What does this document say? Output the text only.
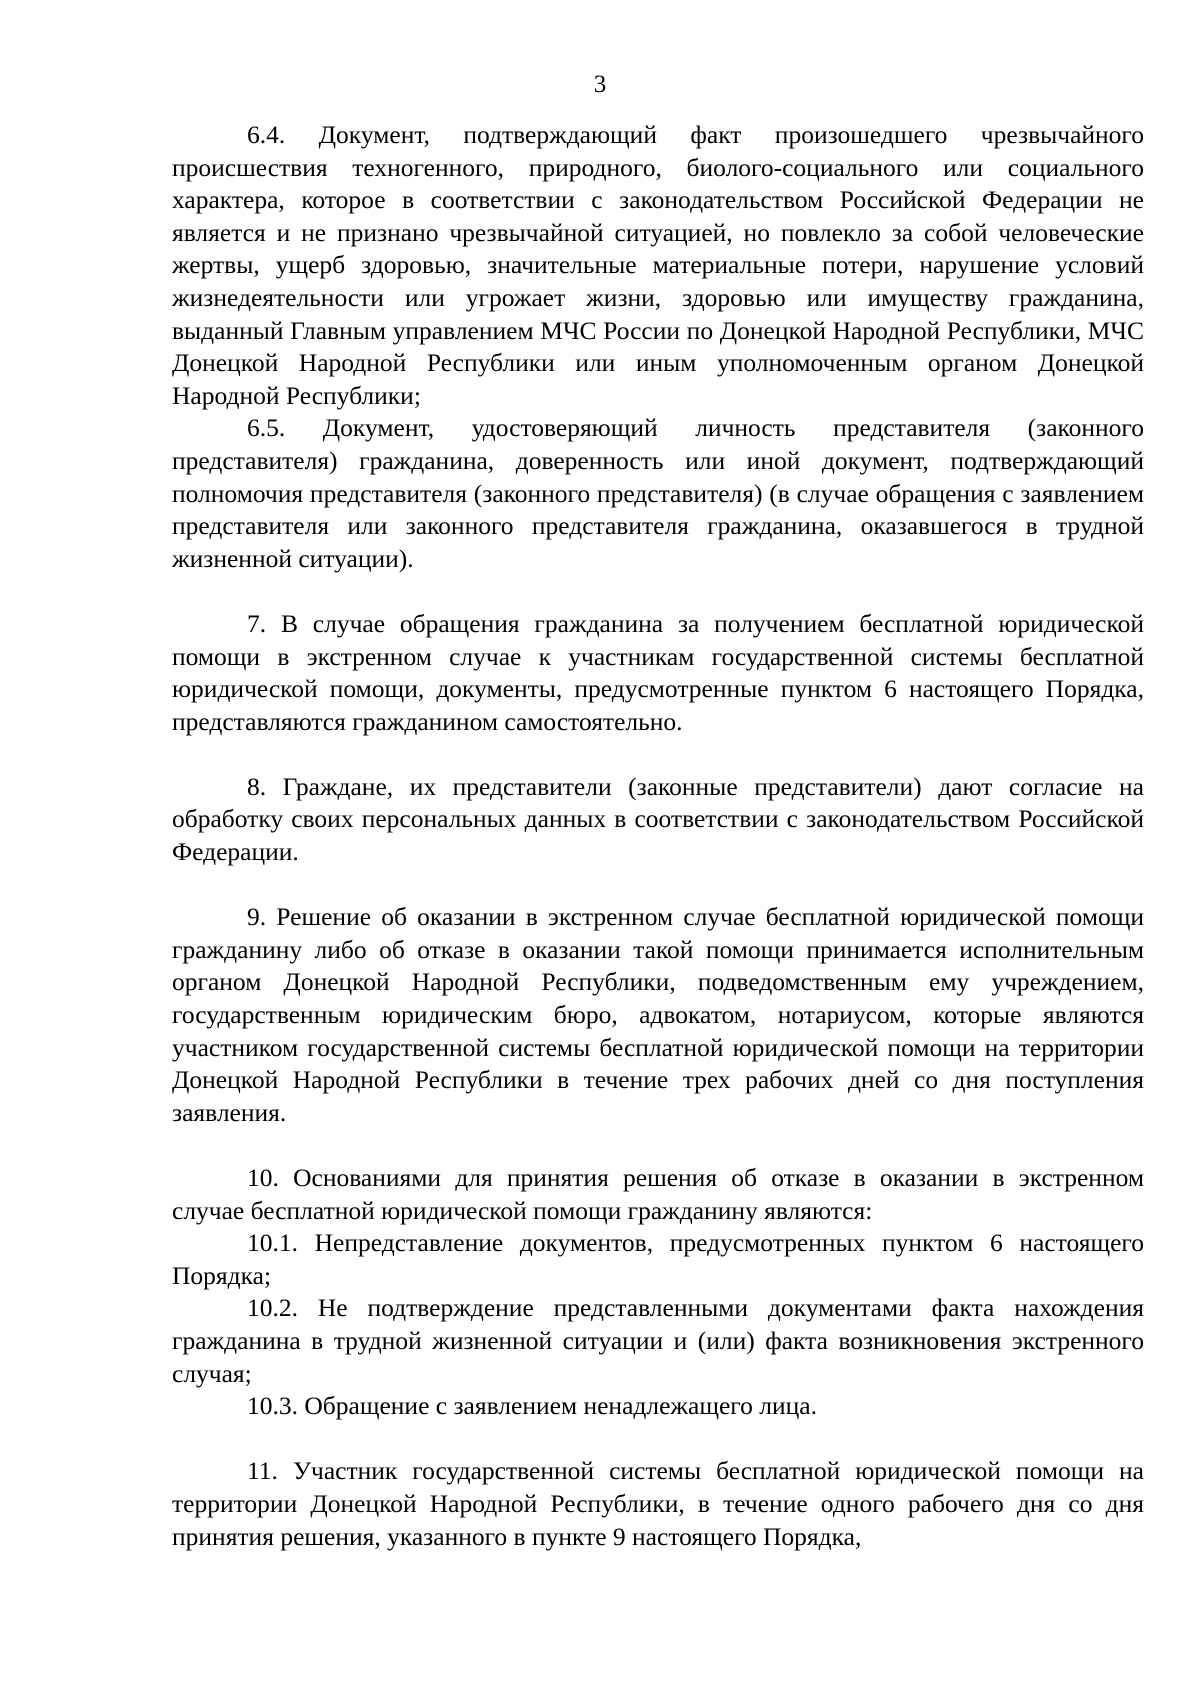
3

6.4. Документ, подтверждающий факт произошедшего чрезвычайного происшествия техногенного, природного, биолого-социального или социального характера, которое в соответствии с законодательством Российской Федерации не является и не признано чрезвычайной ситуацией, но повлекло за собой человеческие жертвы, ущерб здоровью, значительные материальные потери, нарушение условий жизнедеятельности или угрожает жизни, здоровью или имуществу гражданина, выданный Главным управлением МЧС России по Донецкой Народной Республики, МЧС Донецкой Народной Республики или иным уполномоченным органом Донецкой Народной Республики;

6.5. Документ, удостоверяющий личность представителя (законного представителя) гражданина, доверенность или иной документ, подтверждающий полномочия представителя (законного представителя) (в случае обращения с заявлением представителя или законного представителя гражданина, оказавшегося в трудной жизненной ситуации).

7. В случае обращения гражданина за получением бесплатной юридической помощи в экстренном случае к участникам государственной системы бесплатной юридической помощи, документы, предусмотренные пунктом 6 настоящего Порядка, представляются гражданином самостоятельно.

8. Граждане, их представители (законные представители) дают согласие на обработку своих персональных данных в соответствии с законодательством Российской Федерации.

9. Решение об оказании в экстренном случае бесплатной юридической помощи гражданину либо об отказе в оказании такой помощи принимается исполнительным органом Донецкой Народной Республики, подведомственным ему учреждением, государственным юридическим бюро, адвокатом, нотариусом, которые являются участником государственной системы бесплатной юридической помощи на территории Донецкой Народной Республики в течение трех рабочих дней со дня поступления заявления.

10. Основаниями для принятия решения об отказе в оказании в экстренном случае бесплатной юридической помощи гражданину являются:

10.1. Непредставление документов, предусмотренных пунктом 6 настоящего Порядка;

10.2. Не подтверждение представленными документами факта нахождения гражданина в трудной жизненной ситуации и (или) факта возникновения экстренного случая;

10.3. Обращение с заявлением ненадлежащего лица.

11. Участник государственной системы бесплатной юридической помощи на территории Донецкой Народной Республики, в течение одного рабочего дня со дня принятия решения, указанного в пункте 9 настоящего Порядка,
